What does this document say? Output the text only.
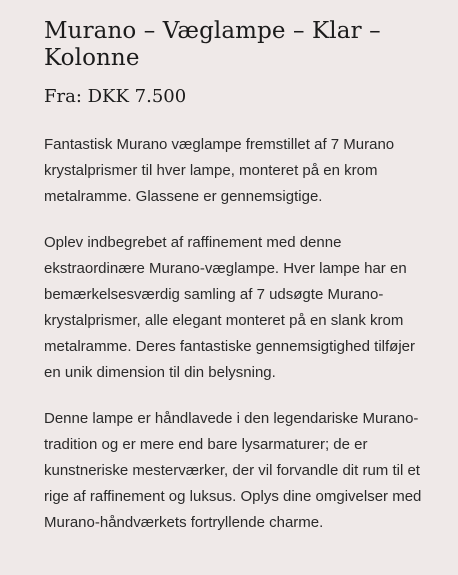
Murano – Væglampe – Klar – Kolonne

Fra: DKK 7.500

Fantastisk Murano væglampe fremstillet af 7 Murano krystalprismer til hver lampe, monteret på en krom metalramme. Glassene er gennemsigtige.

Oplev indbegrebet af raffinement med denne ekstraordinære Murano-væglampe. Hver lampe har en bemærkelsesværdig samling af 7 udsøgte Murano-krystalprismer, alle elegant monteret på en slank krom metalramme. Deres fantastiske gennemsigtighed tilføjer en unik dimension til din belysning.

Denne lampe er håndlavede i den legendariske Murano-tradition og er mere end bare lysarmaturer; de er kunstneriske mesterværker, der vil forvandle dit rum til et rige af raffinement og luksus. Oplys dine omgivelser med Murano-håndværkets fortryllende charme.
